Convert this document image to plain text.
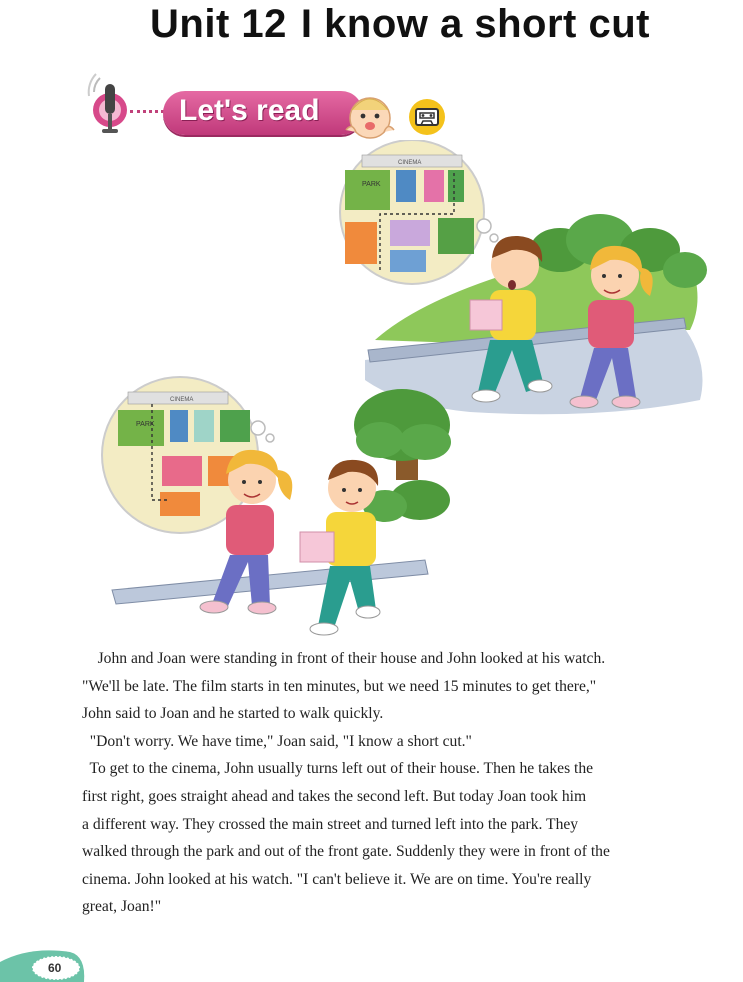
Unit 12 I know a short cut
Let's read
CINEMA
PARK
CINEMA
PARK

John and Joan were standing in front of their house and John looked at his watch.

"We'll be late. The film starts in ten minutes, but we need 15 minutes to get there,"

John said to Joan and he started to walk quickly.

"Don't worry. We have time," Joan said, "I know a short cut."

To get to the cinema, John usually turns left out of their house. Then he takes the

first right, goes straight ahead and takes the second left. But today Joan took him

a different way. They crossed the main street and turned left into the park. They

walked through the park and out of the front gate. Suddenly they were in front of the

cinema. John looked at his watch. "I can't believe it. We are on time. You're really

great, Joan!"

60
